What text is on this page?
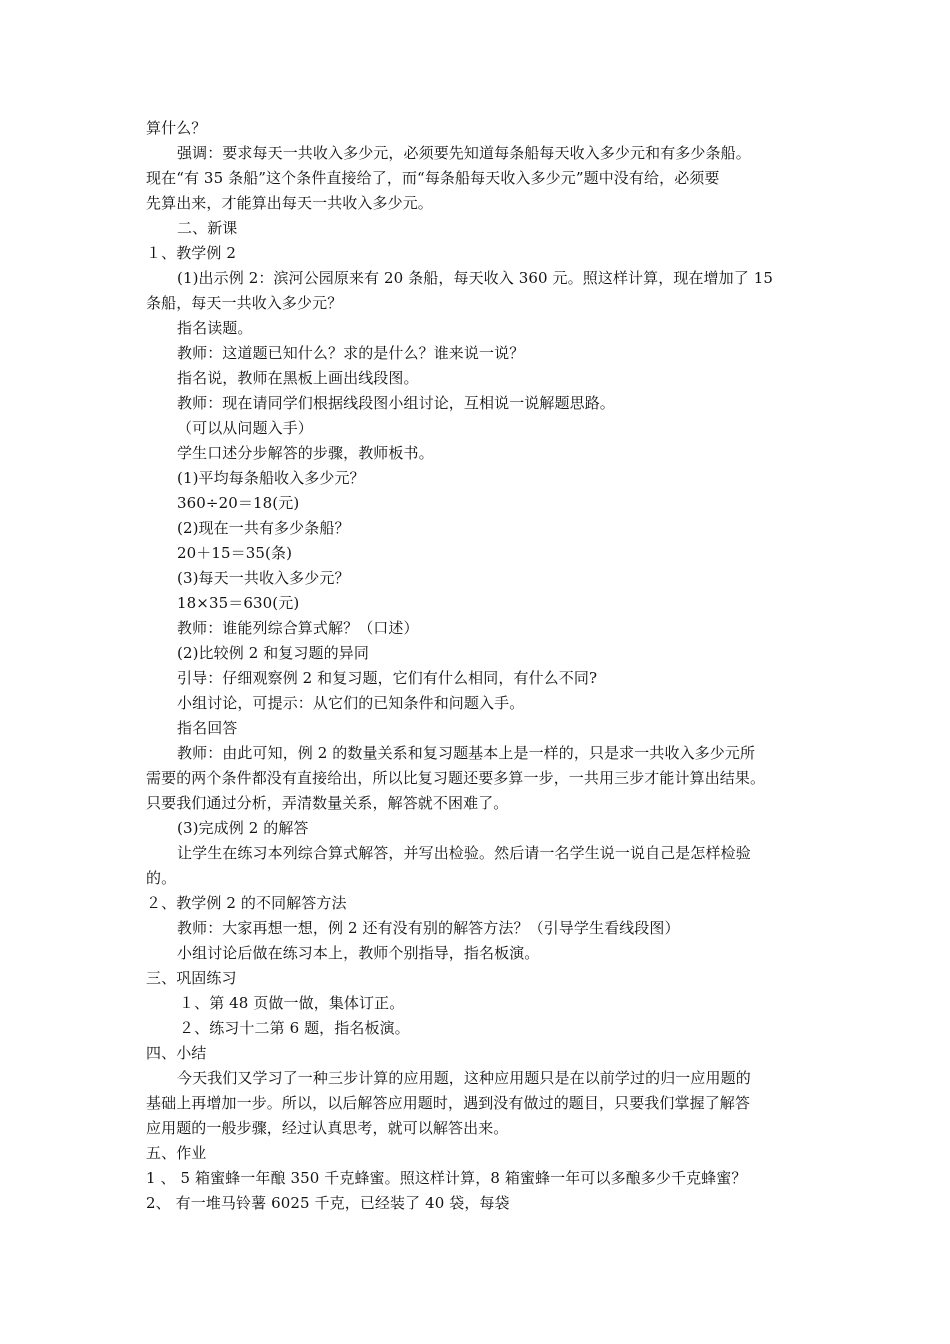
算什么？
强调：要求每天一共收入多少元，必须要先知道每条船每天收入多少元和有多少条船。
现在“有 35 条船”这个条件直接给了，而“每条船每天收入多少元”题中没有给，必须要
先算出来，才能算出每天一共收入多少元。
二、新课
１、教学例 2
(1)出示例 2：滨河公园原来有 20 条船，每天收入 360 元。照这样计算，现在增加了 15
条船，每天一共收入多少元？
指名读题。
教师：这道题已知什么？求的是什么？谁来说一说？
指名说，教师在黑板上画出线段图。
教师：现在请同学们根据线段图小组讨论，互相说一说解题思路。
（可以从问题入手）
学生口述分步解答的步骤，教师板书。
(1)平均每条船收入多少元？
360÷20＝18(元)
(2)现在一共有多少条船？
20＋15＝35(条)
(3)每天一共收入多少元？
18×35＝630(元)
教师：谁能列综合算式解？（口述）
(2)比较例 2 和复习题的异同
引导：仔细观察例 2 和复习题，它们有什么相同，有什么不同?
小组讨论，可提示：从它们的已知条件和问题入手。
指名回答
教师：由此可知，例 2 的数量关系和复习题基本上是一样的，只是求一共收入多少元所
需要的两个条件都没有直接给出，所以比复习题还要多算一步，一共用三步才能计算出结果。
只要我们通过分析，弄清数量关系，解答就不困难了。
(3)完成例 2 的解答
让学生在练习本列综合算式解答，并写出检验。然后请一名学生说一说自己是怎样检验
的。
２、教学例 2 的不同解答方法
教师：大家再想一想，例 2 还有没有别的解答方法？（引导学生看线段图）
小组讨论后做在练习本上，教师个别指导，指名板演。
三、巩固练习
１、第 48 页做一做，集体订正。
２、练习十二第 6 题，指名板演。
四、小结
今天我们又学习了一种三步计算的应用题，这种应用题只是在以前学过的归一应用题的
基础上再增加一步。所以，以后解答应用题时，遇到没有做过的题目，只要我们掌握了解答
应用题的一般步骤，经过认真思考，就可以解答出来。
五、作业
1 、 5 箱蜜蜂一年酿 350 千克蜂蜜。照这样计算，8 箱蜜蜂一年可以多酿多少千克蜂蜜？
2、 有一堆马铃薯 6025 千克，已经装了 40 袋，每袋
